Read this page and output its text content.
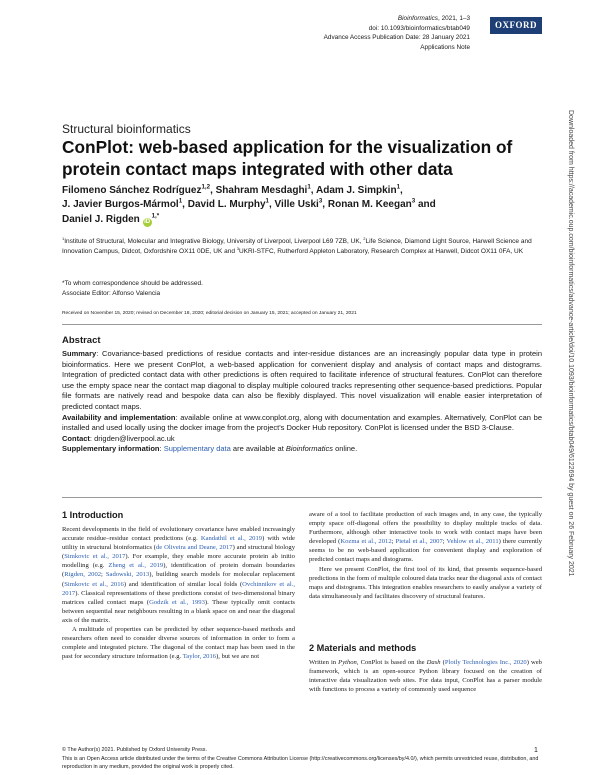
Bioinformatics, 2021, 1–3
doi: 10.1093/bioinformatics/btab049
Advance Access Publication Date: 28 January 2021
Applications Note
OXFORD
Downloaded from https://academic.oup.com/bioinformatics/advance-article/doi/10.1093/bioinformatics/btab049/6122694 by guest on 26 February 2021
Structural bioinformatics
ConPlot: web-based application for the visualization of protein contact maps integrated with other data
Filomeno Sánchez Rodríguez$^{1,2}$, Shahram Mesdaghi$^1$, Adam J. Simpkin$^1$,
J. Javier Burgos-Mármol$^1$, David L. Murphy$^1$, Ville Uski$^3$, Ronan M. Keegan$^3$ and
Daniel J. Rigden $iD^{1,*}$
$^1$Institute of Structural, Molecular and Integrative Biology, University of Liverpool, Liverpool L69 7ZB, UK, $^2$Life Science, Diamond Light Source, Harwell Science and Innovation Campus, Didcot, Oxfordshire OX11 0DE, UK and $^3$UKRI-STFC, Rutherford Appleton Laboratory, Research Complex at Harwell, Didcot OX11 0FA, UK
*To whom correspondence should be addressed.
Associate Editor: Alfonso Valencia
Received on November 15, 2020; revised on December 18, 2020; editorial decision on January 15, 2021; accepted on January 21, 2021
Abstract

Summary: Covariance-based predictions of residue contacts and inter-residue distances are an increasingly popular data type in protein bioinformatics. Here we present ConPlot, a web-based application for convenient display and analysis of contact maps and distograms. Integration of predicted contact data with other predictions is often required to facilitate inference of structural features. ConPlot can therefore use the empty space near the contact map diagonal to display multiple coloured tracks representing other sequence-based predictions. Popular file formats are natively read and bespoke data can also be flexibly displayed. This novel visualization will enable easier interpretation of predicted contact maps.

Availability and implementation: available online at www.conplot.org, along with documentation and examples. Alternatively, ConPlot can be installed and used locally using the docker image from the project's Docker Hub repository. ConPlot is licensed under the BSD 3-Clause.

Contact: drigden@liverpool.ac.uk

Supplementary information: Supplementary data are available at Bioinformatics online.

1 Introduction

Recent developments in the field of evolutionary covariance have enabled increasingly accurate residue–residue contact predictions (e.g. Kandathil et al., 2019) with wide utility in structural bioinformatics (de Oliveira and Deane, 2017) and structural biology (Simkovic et al., 2017). For example, they enable more accurate protein ab initio modelling (e.g. Zheng et al., 2019), identification of protein domain boundaries (Rigden, 2002; Sadowski, 2013), building search models for molecular replacement (Simkovic et al., 2016) and identification of similar local folds (Ovchinnikov et al., 2017). Classical representations of these predictions consist of two-dimensional binary matrices called contact maps (Godzik et al., 1993). These typically omit contacts between sequential near neighbours resulting in a blank space on and near the diagonal axis of the matrix.

A multitude of properties can be predicted by other sequence-based methods and researchers often need to consider diverse sources of information in order to form a complete and integrated picture. The diagonal of the contact map has been used in the past for secondary structure information (e.g. Taylor, 2016), but we are not

aware of a tool to facilitate production of such images and, in any case, the typically empty space off-diagonal offers the possibility to display multiple tracks of data. Furthermore, although other interactive tools to work with contact maps have been developed (Kozma et al., 2012; Pietal et al., 2007; Vehlow et al., 2011) there currently seems to be no web-based application for convenient display and exploration of predicted contact maps and distograms.

Here we present ConPlot, the first tool of its kind, that presents sequence-based predictions in the form of multiple coloured data tracks near the diagonal axis of contact maps and distograms. This integration enables researchers to easily analyse a variety of data simultaneously and facilitates discovery of structural features.

2 Materials and methods

Written in Python, ConPlot is based on the Dash (Plotly Technologies Inc., 2020) web framework, which is an open-source Python library focused on the creation of interactive data visualization web sites. For data input, ConPlot has a parser module with functions to process a variety of commonly used sequence

© The Author(s) 2021. Published by Oxford University Press.	1
This is an Open Access article distributed under the terms of the Creative Commons Attribution License (http://creativecommons.org/licenses/by/4.0/), which permits unrestricted reuse, distribution, and reproduction in any medium, provided the original work is properly cited.
